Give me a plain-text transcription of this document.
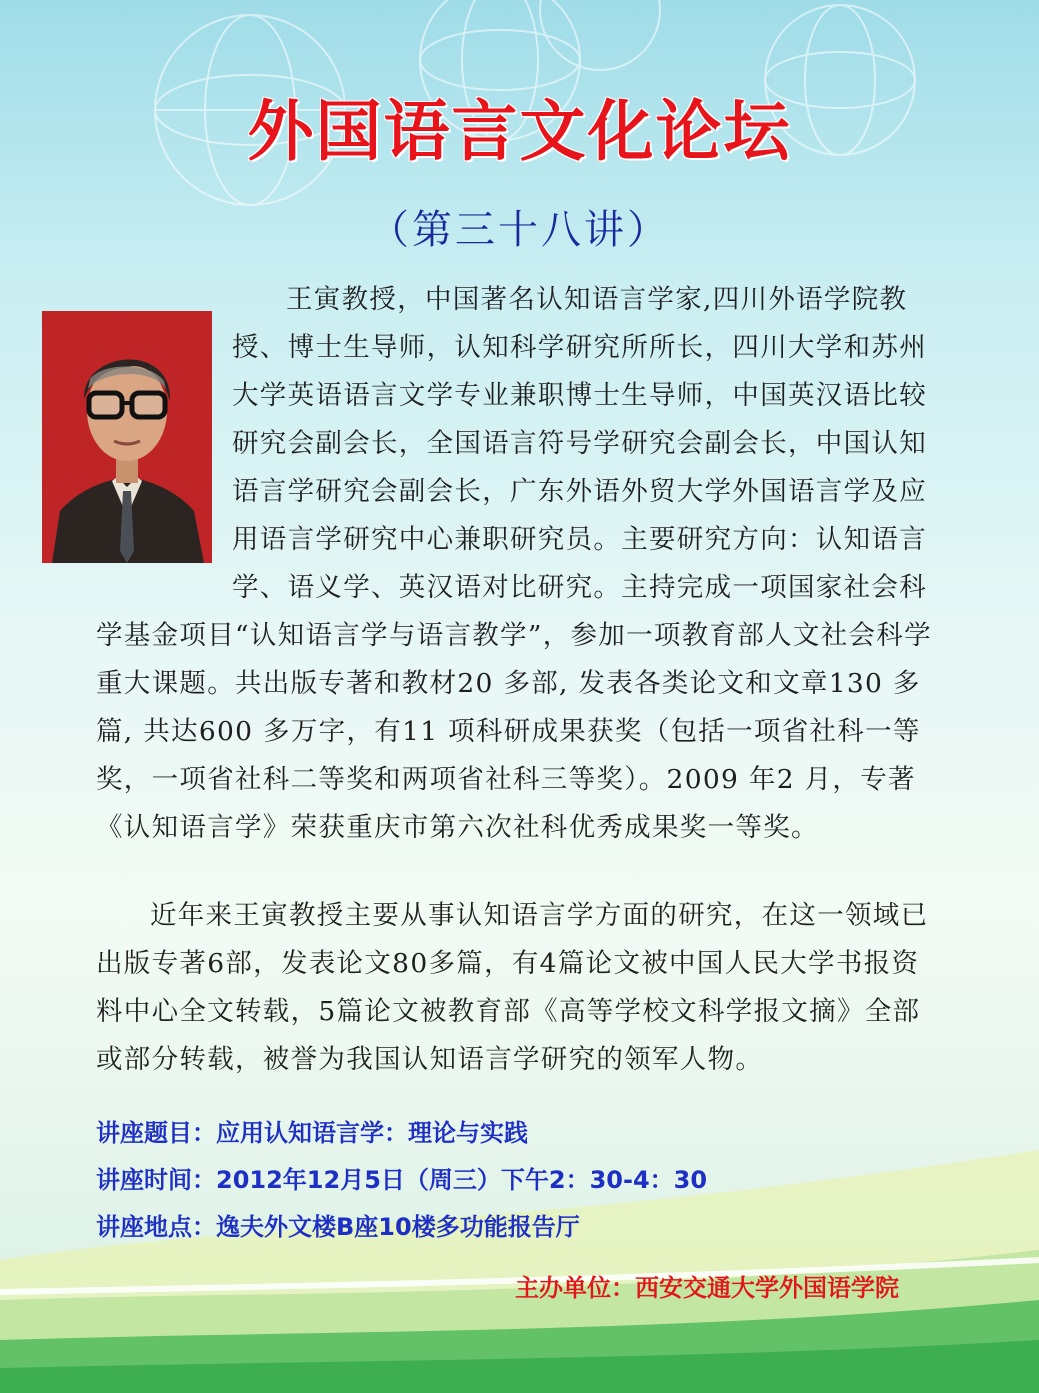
外国语言文化论坛
（第三十八讲）
王寅教授，中国著名认知语言学家,四川外语学院教授、博士生导师，认知科学研究所所长，四川大学和苏州大学英语语言文学专业兼职博士生导师，中国英汉语比较研究会副会长，全国语言符号学研究会副会长，中国认知语言学研究会副会长，广东外语外贸大学外国语言学及应用语言学研究中心兼职研究员。主要研究方向：认知语言学、语义学、英汉语对比研究。主持完成一项国家社会科学基金项目“认知语言学与语言教学”，参加一项教育部人文社会科学重大课题。共出版专著和教材20 多部, 发表各类论文和文章130 多篇, 共达600 多万字，有11 项科研成果获奖（包括一项省社科一等奖，一项省社科二等奖和两项省社科三等奖）。2009 年2 月，专著《认知语言学》荣获重庆市第六次社科优秀成果奖一等奖。

近年来王寅教授主要从事认知语言学方面的研究，在这一领域已出版专著6部，发表论文80多篇，有4篇论文被中国人民大学书报资料中心全文转载，5篇论文被教育部《高等学校文科学报文摘》全部或部分转载，被誉为我国认知语言学研究的领军人物。

讲座题目：应用认知语言学：理论与实践

讲座时间：2012年12月5日（周三）下午2：30-4：30

讲座地点：逸夫外文楼B座10楼多功能报告厅

主办单位：西安交通大学外国语学院
